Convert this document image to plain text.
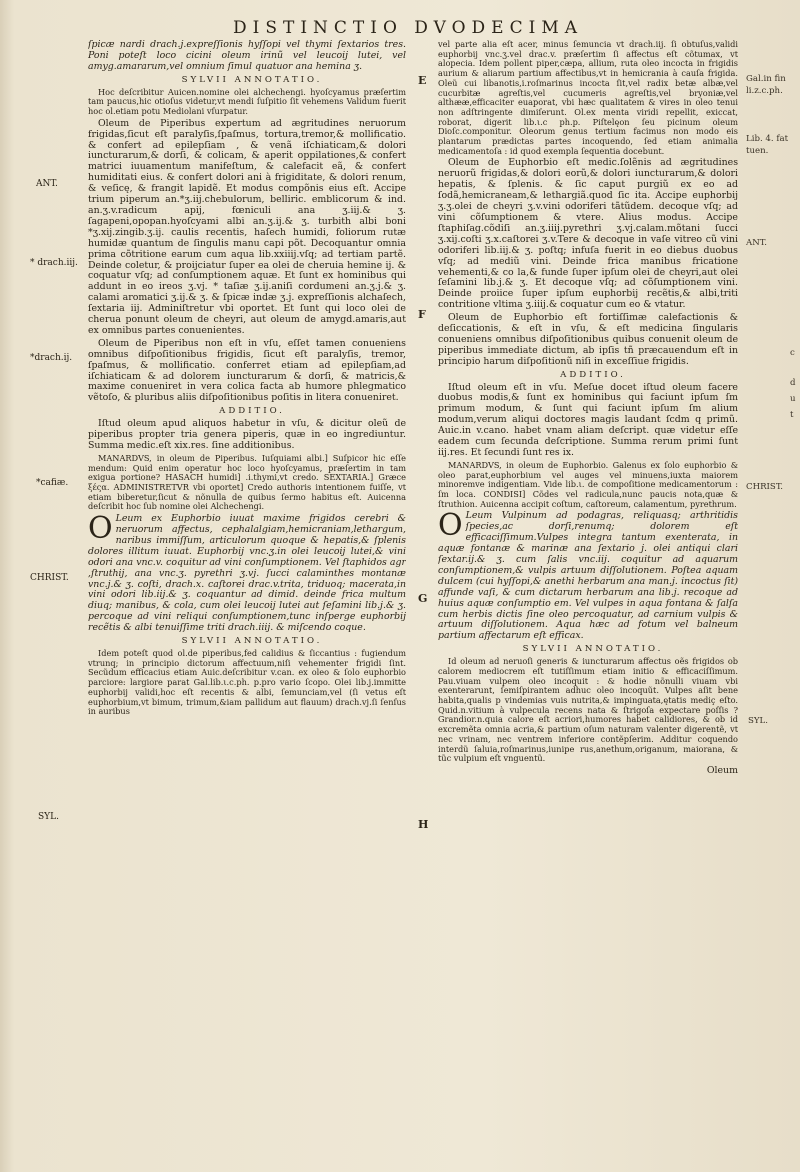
DISTINCTIO DVODECIMA
ANT.
* drach.iij.
*drach.ij.
*cafiæ.
CHRIST.
SYL.
E
F
G
H
Gal.in fin
li.z.c.ph.
Lib. 4. fat
tuen.
ANT.
c
d
u
t
CHRIST.
SYL.

ſpicæ nardi drach.j.expreſſionis hyſſopi vel thymi ſextarios tres. Poni poteſt loco cicini oleum irinũ vel leucoij lutei, vel amyg.amararum,vel omnium ſimul quatuor ana hemina ʒ.

SYLVII ANNOTATIO.

Hoc deſcribitur Auicen.nomine olei alchechengi. hyoſcyamus præſertim tam paucus,hic otioſus videtur,vt mendi ſuſpitio ſit vehemens Validum fuerit hoc ol.etiam potu Mediolani vſurpatur.

Oleum de Piperibus expertum ad ægritudines neruorum frigidas,ſicut eſt paralyſis,ſpaſmus, tortura,tremor,& mollificatio. & confert ad epilepſiam , & venã iſchiaticam,& dolori iuncturarum,& dorſi, & colicam, & aperit oppilationes,& confert matrici iuuamentum manifeſtum, & calefacit eã, & confert humiditati eius. & confert dolori ani à frigiditate, & dolori renum, & veſicę, & frangit lapidẽ. Et modus compõnis eius eſt. Accipe trium piperum an.*ʒ.iij.chebulorum, belliric. emblicorum & ind. an.ʒ.v.radicum apij, fœniculi ana ʒ.iij.& ʒ. ſagapeni,opopan.hyoſcyami albi an.ʒ.ij.& ʒ. turbith albi boni *ʒ.xij.zingib.ʒ.ij. caulis recentis, haſech humidi, foliorum rutæ humidæ quantum de ſingulis manu capi põt. Decoquantur omnia prima cõtritione earum cum aqua lib.xxiiij.vſq; ad tertiam partẽ. Deinde coletur, & proijciatur ſuper ea olei de cheruia hemine ij. & coquatur vſq; ad conſumptionem aquæ. Et ſunt ex hominibus qui addunt in eo ireos ʒ.vj. * taſiæ ʒ.ij.aniſi cordumeni an.ʒ.j.& ʒ. calami aromatici ʒ.ij.& ʒ. & ſpicæ indæ ʒ.j. expreſſionis alchaſech, ſextaria iij. Adminiſtretur vbi oportet. Et ſunt qui loco olei de cherua ponunt oleum de cheyri, aut oleum de amygd.amaris,aut ex omnibus partes conuenientes.

Oleum de Piperibus non eſt in vſu, eſſet tamen conueniens omnibus diſpoſitionibus frigidis, ſicut eſt paralyſis, tremor, ſpaſmus, & mollificatio. conferret etiam ad epilepſiam,ad iſchiaticam & ad dolorem iuncturarum & dorſi, & matricis,& maxime conueniret in vera colica facta ab humore phlegmatico vẽtoſo, & pluribus aliis diſpoſitionibus poſitis in litera conueniret.

ADDITIO.

Iſtud oleum apud aliquos habetur in vſu, & dicitur oleũ de piperibus propter tria genera piperis, quæ in eo ingrediuntur. Summa medic.eſt xix.res. ſine additionibus.

MANARDVS, in oleum de Piperibus. Iuſquiami albi.] Suſpicor hic eſſe mendum: Quid enim operatur hoc loco hyoſcyamus, præſertim in tam exigua portione? HASACH humidi] .i.thymi,vt credo. SEXTARIA.] Græce ξέςα. ADMINISTRETVR vbi oportet] Credo authoris intentionem fuiſſe, vt etiam biberetur,ſicut & nõnulla de quibus ſermo habitus eſt. Auicenna deſcribit hoc ſub nomine olei Alchechengi.

O Leum ex Euphorbio iuuat maxime frigidos cerebri & neruorum affectus, cephalalgiam,hemicraniam,lethargum, naribus immiſſum, articulorum quoque & hepatis,& ſplenis dolores illitum iuuat. Euphorbij vnc.ʒ.in olei leucoij lutei,& vini odori ana vnc.v. coquitur ad vini conſumptionem. Vel ſtaphidos agr ,ſtruthij, ana vnc.ʒ. pyrethri ʒ.vj. ſucci calaminthes montanæ vnc.j.& ʒ. coſti, drach.x. caſtorei drac.v.trita, triduoq; macerata,in vini odori lib.iij.& ʒ. coquantur ad dimid. deinde frica multum diuq; manibus, & cola, cum olei leucoij lutei aut ſeſamini lib.j.& ʒ. percoque ad vini reliqui conſumptionem,tunc inſperge euphorbij recẽtis & albi tenuiſſime triti drach.iiij. & miſcendo coque.

SYLVII ANNOTATIO.

Idem poteſt quod ol.de piperibus,fed calidius & ſiccantius : fugiendum vtrunq; in principio dictorum affectuum,niſi vehementer frigidi ſint. Secũdum efficacius etiam Auic.deſcribitur v.can. ex oleo & ſolo euphorbio parciore: largiore parat Gal.lib.ι.c.ph. p.pro vario ſcopo. Olei lib.j.immitte euphorbij validi,hoc eſt recentis & albi, ſemunciam,vel (ſi vetus eſt euphorbium,vt bimum, trimum,&iam pallidum aut flauum) drach.vj.ſi ſenſus in auribus

vel parte alia eſt acer, minus ſemuncia vt drach.iij. ſi obtuſus,validi euphorbij vnc.ʒ.vel drac.v. præſertim ſi affectus eſt cõtumax, vt alopecia. Idem pollent piper,cæpa, allium, ruta oleo incocta in frigidis aurium & aliarum partium affectibus,vt in hemicrania à cauſa frigida. Oleũ cui libanotis,i.roſmarinus incocta ſit,vel radix betæ albæ,vel cucurbitæ agreſtis,vel cucumeris agreſtis,vel bryoniæ,vel althææ,efficaciter euaporat, vbi hæc qualitatem & vires in oleo tenui non adſtringente dimiſerunt. Ol.ex menta viridi repellit, exiccat, roborat, digerit lib.ι.c ph.p. Piſtelęon ſeu picinum oleum Dioſc.componitur. Oleorum genus tertium facimus non modo eis plantarum prædictas partes incoquendo, ſed etiam animalia medicamentoſa : id quod exempla ſequentia docebunt.

Oleum de Euphorbio eſt medic.ſolẽnis ad ægritudines neruorũ frigidas,& dolori eorũ,& dolori iuncturarum,& dolori hepatis, & ſplenis. & ſic caput purgiũ ex eo ad ſodã,hemicraneam,& lethargiã.quod ſic ita. Accipe euphorbij ʒ.ʒ.olei de cheyri ʒ.v.vini odoriferi tãtũdem. decoque vſq; ad vini cõſumptionem & vtere. Alius modus. Accipe ſtaphiſag.cõdiſi an.ʒ.iiij.pyrethri ʒ.vj.calam.mõtani ſucci ʒ.xij.coſti ʒ.x.caſtorei ʒ.v.Tere & decoque in vaſe vitreo cũ vini odoriferi lib.iij.& ʒ. poſtq; infuſa fuerit in eo diebus duobus vſq; ad mediũ vini. Deinde frica manibus fricatione vehementi,& co la,& funde ſuper ipſum olei de cheyri,aut olei ſeſamini lib.j.& ʒ. Et decoque vſq; ad cõſumptionem vini. Deinde proiice ſuper ipſum euphorbij recẽtis,& albi,triti contritione vltima ʒ.iiij.& coquatur cum eo & vtatur.

Oleum de Euphorbio eſt fortiſſimæ calefactionis & deſiccationis, & eſt in vſu, & eſt medicina ſingularis conueniens omnibus diſpoſitionibus quibus conuenit oleum de piperibus immediate dictum, ab ipſis tñ præcauendum eſt in principio harum diſpoſitionũ niſi in exceſſiue frigidis.

ADDITIO.

Iſtud oleum eſt in vſu. Meſue docet iſtud oleum facere duobus modis,& ſunt ex hominibus qui faciunt ipſum ſm primum modum, & ſunt qui faciunt ipſum ſm alium modum,verum aliqui doctores magis laudant ſcdm q primũ. Auic.in v.cano. habet vnam aliam deſcript. quæ videtur eſſe eadem cum ſecunda deſcriptione. Summa rerum primi ſunt iij.res. Et ſecundi ſunt res ix.

MANARDVS, in oleum de Euphorbio. Galenus ex ſolo euphorbio & oleo parat,euphorbium vel auges vel minuens,iuxta maiorem minoremve indigentiam. Vide lib.ι. de compoſitione medicamentorum : ſm loca. CONDISI] Cõdes vel radicula,nunc paucis nota,quæ & ſtruthion. Auicenna accipit coſtum, caſtoreum, calamentum, pyrethrum.

O Leum Vulpinum ad podagras, reliquasq; arthritidis ſpecies,ac dorſi,renumq; dolorem eſt efficaciſſimum.Vulpes integra tantum exenterata, in aquæ fontanæ & marinæ ana ſextario j. olei antiqui clari ſextar.ij.& ʒ. cum ſalis vnc.iij. coquitur ad aquarum conſumptionem,& vulpis artuum diſſolutionem. Poſtea aquam dulcem (cui hyſſopi,& anethi herbarum ana man.j. incoctus ſit) affunde vaſi, & cum dictarum herbarum ana lib.j. recoque ad huius aquæ conſumptio em. Vel vulpes in aqua fontana & ſalſa cum herbis dictis ſine oleo percoquatur, ad carnium vulpis & artuum diſſolutionem. Aqua hæc ad fotum vel balneum partium affectarum eſt efficax.

SYLVII ANNOTATIO.

Id oleum ad neruoſi generis & iuncturarum affectus oẽs frigidos ob calorem mediocrem eſt tutiſſimum etiam initio & efficaciſſimum. Pau.viuam vulpem oleo incoquit : & hodie nõnulli viuam vbi exenterarunt, ſemiſpirantem adhuc oleo incoquũt. Vulpes aſit bene habita,qualis p vindemias vuis nutrita,& impinguata,ętatis mediç eſto. Quid.n.vitium à vulpecula recens nata & ſtrigoſa expectare poſſis ? Grandior.n.quia calore eſt acriori,humores habet calidiores, & ob id excremẽta omnia acria,& partium oſum naturam valenter digerentẽ, vt nec vrinam, nec ventrem inferiore contẽpſerim. Additur coquendo interdũ ſaluia,roſmarinus,iunipe rus,anethum,origanum, maiorana, & tũc vulpium eſt vnguentũ.

Oleum
